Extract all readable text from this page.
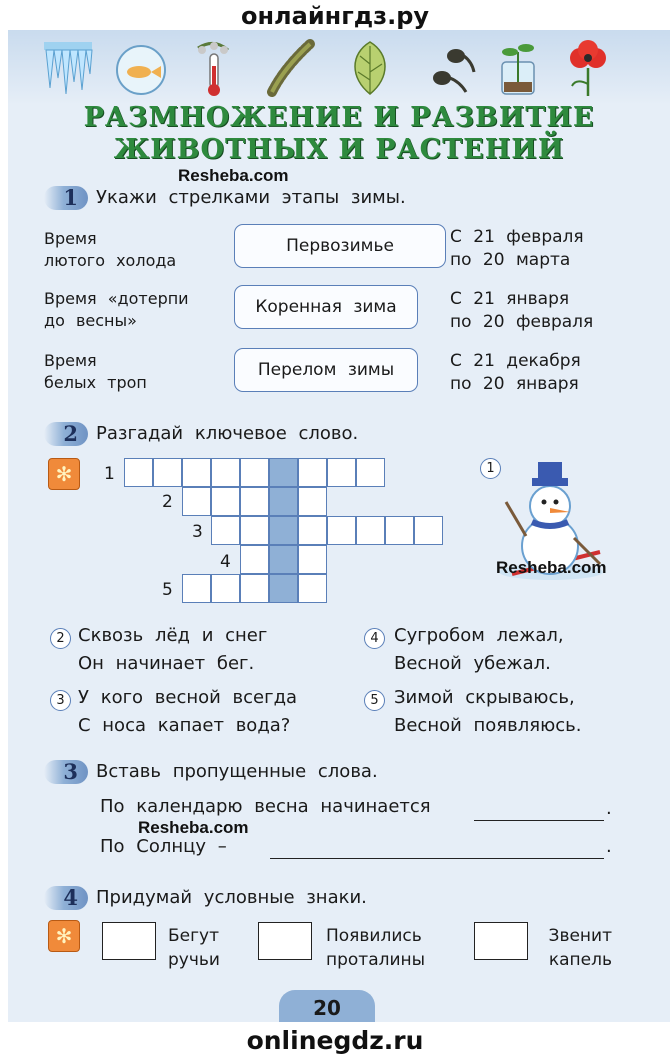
онлайнгдз.ру
РАЗМНОЖЕНИЕ И РАЗВИТИЕ
ЖИВОТНЫХ И РАСТЕНИЙ
Resheba.com
1	Укажи стрелками этапы зимы.
Время
лютого холода
Первозимье	С 21 февраля
по 20 марта
Время «дотерпи
до весны»
Коренная зима	С 21 января
по 20 февраля
Время
белых троп
Перелом зимы	С 21 декабря
по 20 января
2	Разгадай ключевое слово.
✻	1
2
3
4
5
1
Resheba.com
2 Сквозь лёд и снег
Он начинает бег.
4 Сугробом лежал,
Весной убежал.
3 У кого весной всегда
С носа капает вода?
5 Зимой скрываюсь,
Весной появляюсь.
3	Вставь пропущенные слова.
По календарю весна начинается	.
Resheba.com
По Солнцу –	.
4	Придумай условные знаки.
✻	Бегут
ручьи
Появились
проталины
Звенит
капель
20
onlinegdz.ru
